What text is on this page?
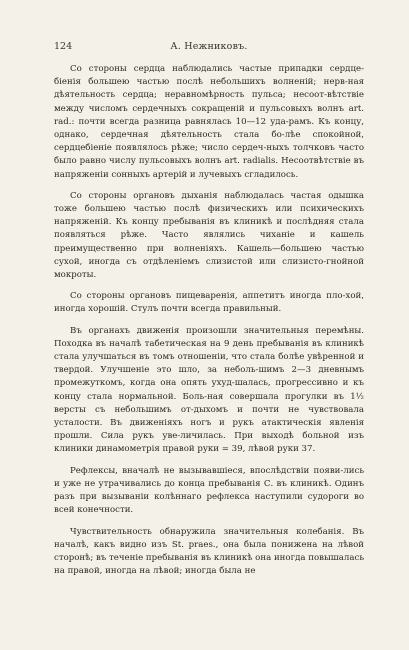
124	А. Нежниковъ.

Со стороны сердца наблюдались частые припадки сердце-біенія большею частью послѣ небольшихъ волненій; нерв-ная дѣятельность сердца; неравномѣрность пульса; несоот-вѣтствіе между числомъ сердечныхъ сокращеній и пульсовыхъ волнъ art. rad.: почти всегда разница равнялась 10—12 уда-рамъ. Къ концу, однако, сердечная дѣятельность стала бо-лѣе спокойной, сердцебіеніе появлялось рѣже; число сердеч-ныхъ толчковъ часто было равно числу пульсовыхъ волнъ art. radialis. Несоотвѣтствіе въ напряженіи сонныхъ артерій и лучевыхъ сгладилось.

Со стороны органовъ дыханія наблюдалась частая одышка тоже большею частью послѣ физическихъ или психическихъ напряженій. Къ концу пребыванія въ клиникѣ и послѣдняя стала появляться рѣже. Часто являлись чиханіе и кашель преимущественно при волненіяхъ. Кашель—большею частью сухой, иногда съ отдѣленіемъ слизистой или слизисто-гнойной мокроты.

Со стороны органовъ пищеваренія, аппетитъ иногда пло-хой, иногда хорошій. Стулъ почти всегда правильный.

Въ органахъ движенія произошли значительныя перемѣны. Походка въ началѣ табетическая на 9 день пребыванія въ клиникѣ стала улучшаться въ томъ отношеніи, что стала болѣе увѣренной и твердой. Улучшеніе это шло, за неболь-шимъ 2—3 дневнымъ промежуткомъ, когда она опять ухуд-шалась, прогрессивно и къ концу стала нормальной. Боль-ная совершала прогулки въ 1½ версты съ небольшимъ от-дыхомъ и почти не чувствовала усталости. Въ движеніяхъ ногъ и рукъ атактическія явленія прошли. Сила рукъ уве-личилась. При выходѣ больной изъ клиники динамометрія правой руки = 39, лѣвой руки 37.

Рефлексы, вначалѣ не вызывавшіеся, впослѣдствіи появи-лись и уже не утрачивались до конца пребыванія С. въ клиникѣ. Одинъ разъ при вызываніи колѣннаго рефлекса наступили судороги во всей конечности.

Чувствительность обнаружила значительныя колебанія. Въ началѣ, какъ видно изъ St. praes., она была понижена на лѣвой сторонѣ; въ теченіе пребыванія въ клиникѣ она иногда повышалась на правой, иногда на лѣвой; иногда была не
